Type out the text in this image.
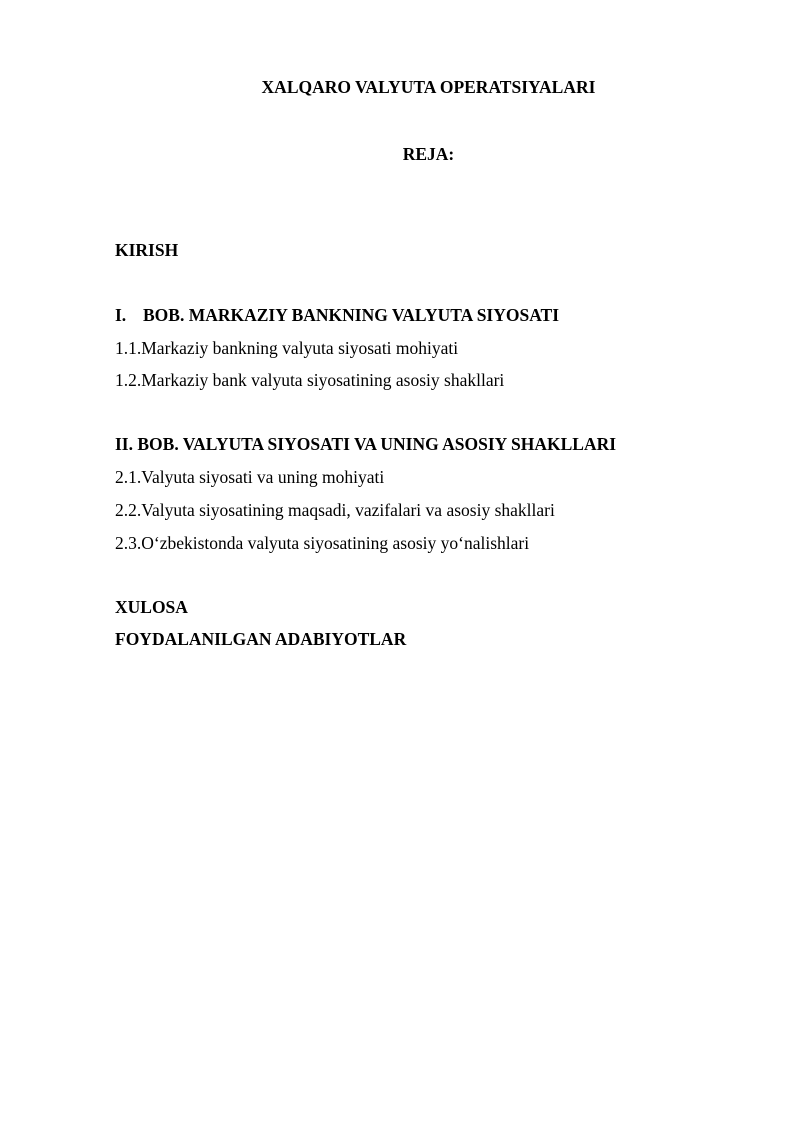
XALQARO VALYUTA OPERATSIYALARI
REJA:
KIRISH
I. BOB. MARKAZIY BANKNING VALYUTA SIYOSATI
1.1.Markaziy bankning valyuta siyosati mohiyati
1.2.Markaziy bank valyuta siyosatining asosiy shakllari
II. BOB. VALYUTA SIYOSATI VA UNING ASOSIY SHAKLLARI
2.1.Valyuta siyosati va uning mohiyati
2.2.Valyuta siyosatining maqsadi, vazifalari va asosiy shakllari
2.3.O‘zbekistonda valyuta siyosatining asosiy yo‘nalishlari
XULOSA
FOYDALANILGAN ADABIYOTLAR
